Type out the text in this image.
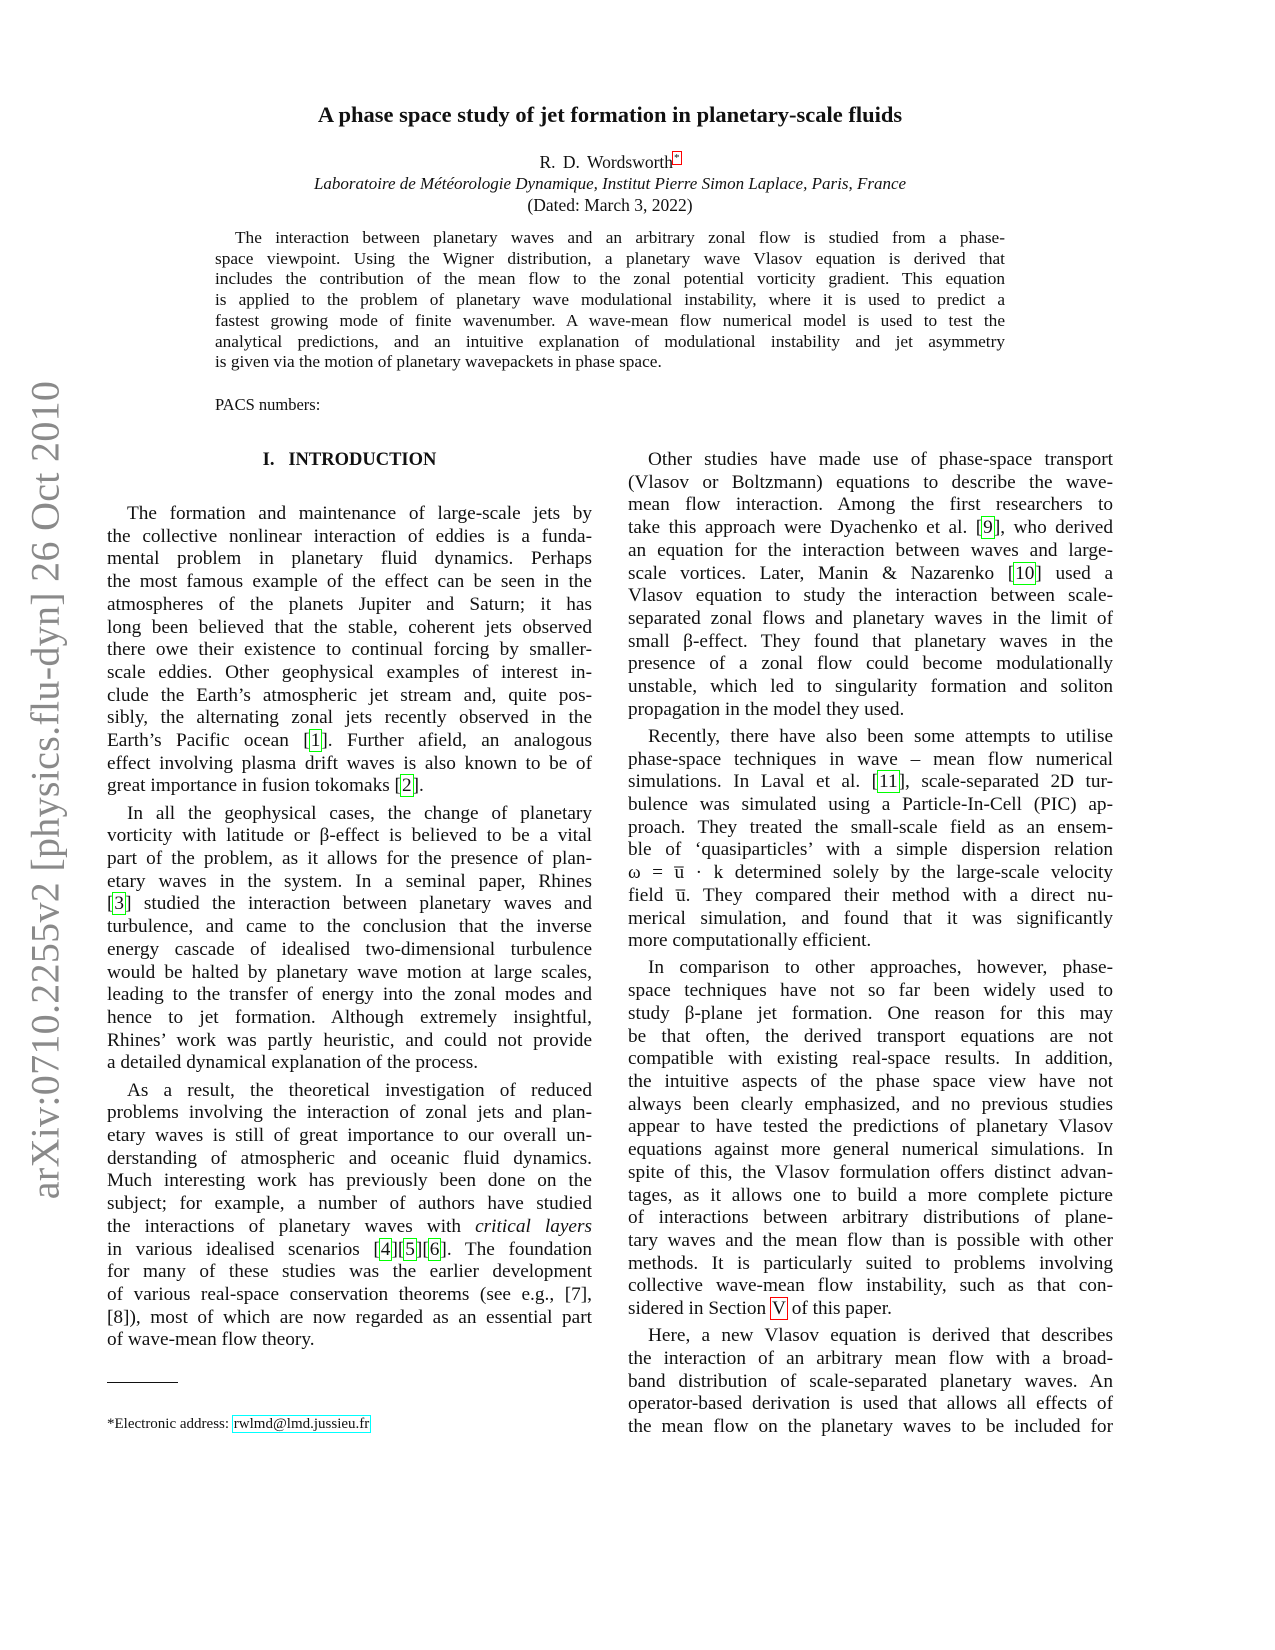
arXiv:0710.2255v2 [physics.flu-dyn] 26 Oct 2010
A phase space study of jet formation in planetary-scale fluids
R. D. Wordsworth*
Laboratoire de Météorologie Dynamique, Institut Pierre Simon Laplace, Paris, France
(Dated: March 3, 2022)
The interaction between planetary waves and an arbitrary zonal flow is studied from a phase-
space viewpoint. Using the Wigner distribution, a planetary wave Vlasov equation is derived that
includes the contribution of the mean flow to the zonal potential vorticity gradient. This equation
is applied to the problem of planetary wave modulational instability, where it is used to predict a
fastest growing mode of finite wavenumber. A wave-mean flow numerical model is used to test the
analytical predictions, and an intuitive explanation of modulational instability and jet asymmetry
is given via the motion of planetary wavepackets in phase space.
PACS numbers:
I.   INTRODUCTION
The formation and maintenance of large-scale jets by
the collective nonlinear interaction of eddies is a funda-
mental problem in planetary fluid dynamics. Perhaps
the most famous example of the effect can be seen in the
atmospheres of the planets Jupiter and Saturn; it has
long been believed that the stable, coherent jets observed
there owe their existence to continual forcing by smaller-
scale eddies. Other geophysical examples of interest in-
clude the Earth’s atmospheric jet stream and, quite pos-
sibly, the alternating zonal jets recently observed in the
Earth’s Pacific ocean [1]. Further afield, an analogous
effect involving plasma drift waves is also known to be of
great importance in fusion tokomaks [2].
In all the geophysical cases, the change of planetary
vorticity with latitude or β-effect is believed to be a vital
part of the problem, as it allows for the presence of plan-
etary waves in the system. In a seminal paper, Rhines
[3] studied the interaction between planetary waves and
turbulence, and came to the conclusion that the inverse
energy cascade of idealised two-dimensional turbulence
would be halted by planetary wave motion at large scales,
leading to the transfer of energy into the zonal modes and
hence to jet formation. Although extremely insightful,
Rhines’ work was partly heuristic, and could not provide
a detailed dynamical explanation of the process.
As a result, the theoretical investigation of reduced
problems involving the interaction of zonal jets and plan-
etary waves is still of great importance to our overall un-
derstanding of atmospheric and oceanic fluid dynamics.
Much interesting work has previously been done on the
subject; for example, a number of authors have studied
the interactions of planetary waves with critical layers
in various idealised scenarios [4][5][6]. The foundation
for many of these studies was the earlier development
of various real-space conservation theorems (see e.g., [7],
[8]), most of which are now regarded as an essential part
of wave-mean flow theory.
Other studies have made use of phase-space transport
(Vlasov or Boltzmann) equations to describe the wave-
mean flow interaction. Among the first researchers to
take this approach were Dyachenko et al. [9], who derived
an equation for the interaction between waves and large-
scale vortices. Later, Manin & Nazarenko [10] used a
Vlasov equation to study the interaction between scale-
separated zonal flows and planetary waves in the limit of
small β-effect. They found that planetary waves in the
presence of a zonal flow could become modulationally
unstable, which led to singularity formation and soliton
propagation in the model they used.
Recently, there have also been some attempts to utilise
phase-space techniques in wave – mean flow numerical
simulations. In Laval et al. [11], scale-separated 2D tur-
bulence was simulated using a Particle-In-Cell (PIC) ap-
proach. They treated the small-scale field as an ensem-
ble of ‘quasiparticles’ with a simple dispersion relation
ω = u̅ · k determined solely by the large-scale velocity
field u̅. They compared their method with a direct nu-
merical simulation, and found that it was significantly
more computationally efficient.
In comparison to other approaches, however, phase-
space techniques have not so far been widely used to
study β-plane jet formation. One reason for this may
be that often, the derived transport equations are not
compatible with existing real-space results. In addition,
the intuitive aspects of the phase space view have not
always been clearly emphasized, and no previous studies
appear to have tested the predictions of planetary Vlasov
equations against more general numerical simulations. In
spite of this, the Vlasov formulation offers distinct advan-
tages, as it allows one to build a more complete picture
of interactions between arbitrary distributions of plane-
tary waves and the mean flow than is possible with other
methods. It is particularly suited to problems involving
collective wave-mean flow instability, such as that con-
sidered in Section V of this paper.
Here, a new Vlasov equation is derived that describes
the interaction of an arbitrary mean flow with a broad-
band distribution of scale-separated planetary waves. An
operator-based derivation is used that allows all effects of
the mean flow on the planetary waves to be included for
*Electronic address: rwlmd@lmd.jussieu.fr
